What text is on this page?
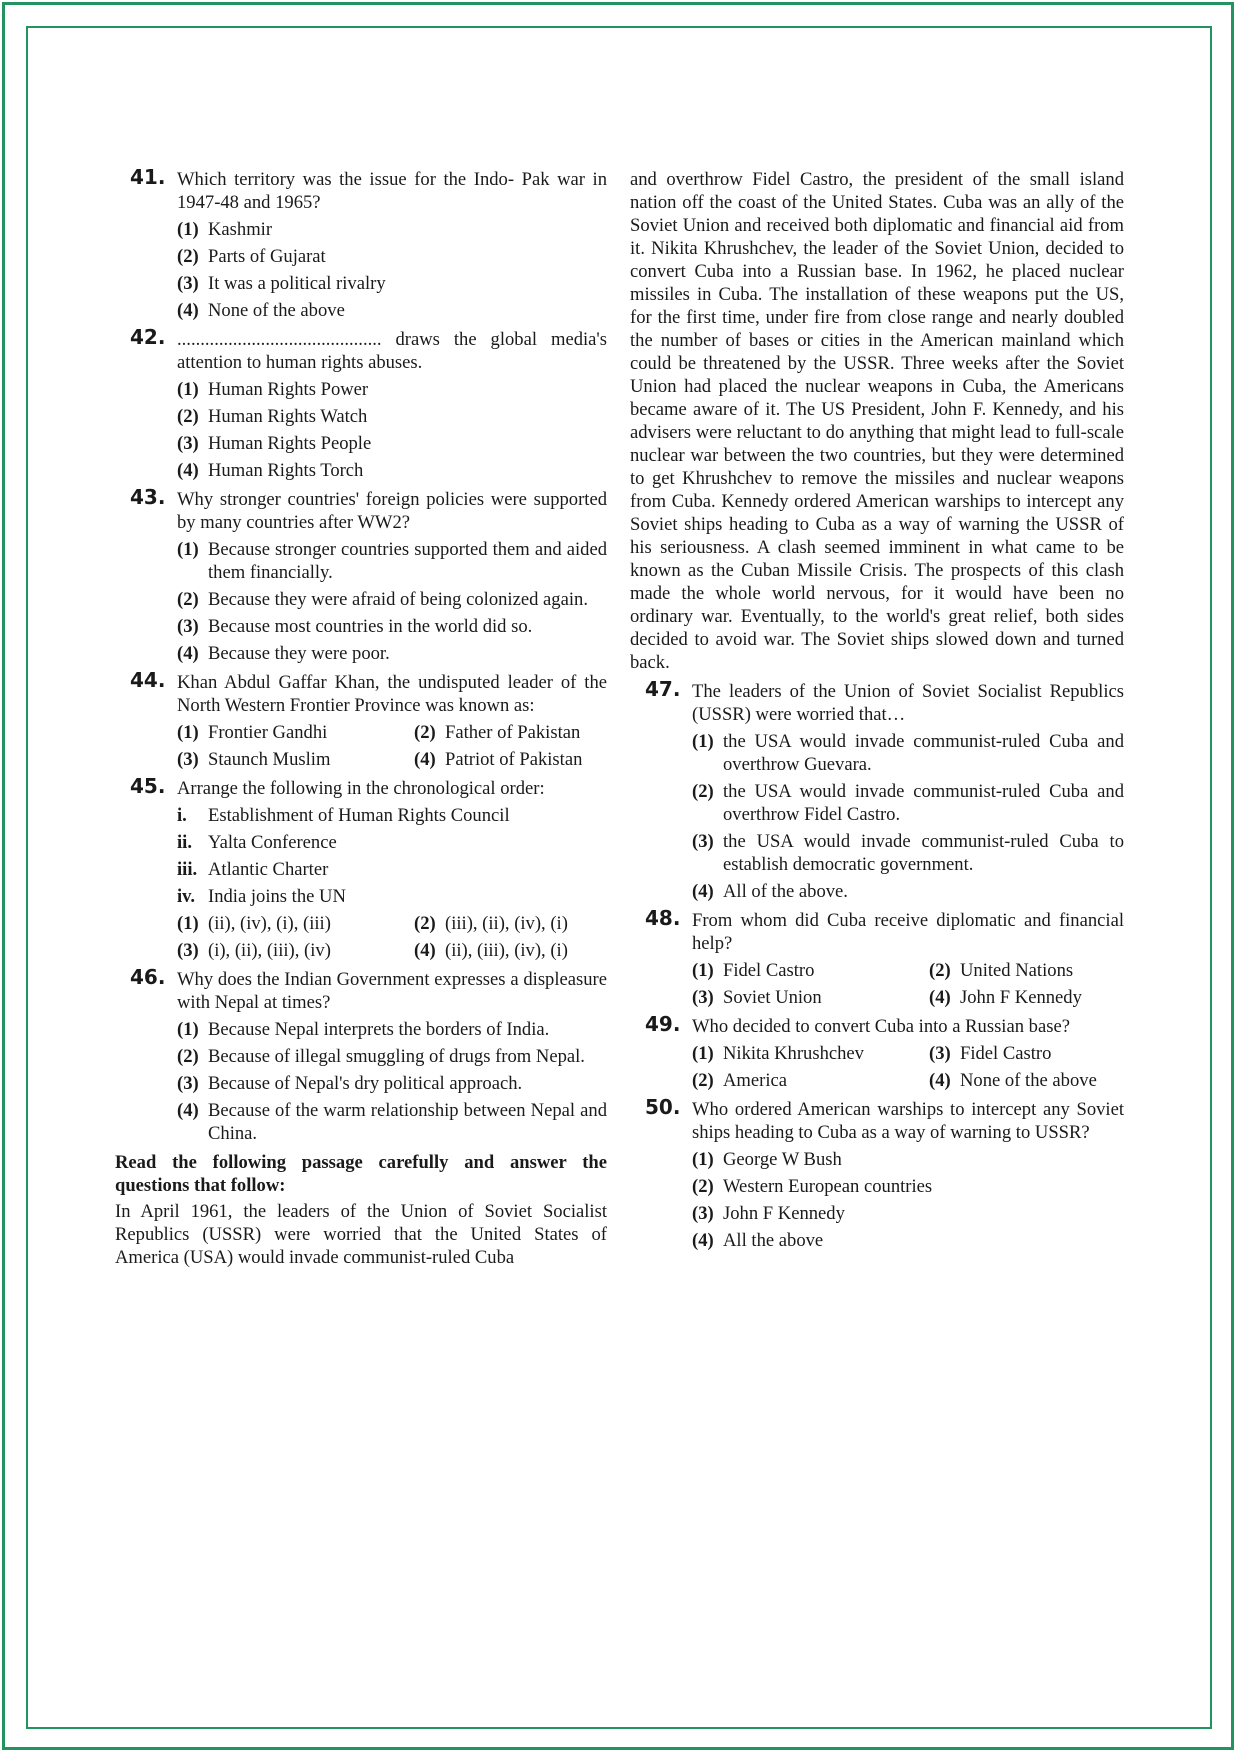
41. Which territory was the issue for the Indo- Pak war in 1947-48 and 1965?
(1) Kashmir
(2) Parts of Gujarat
(3) It was a political rivalry
(4) None of the above
42. ............................................ draws the global media's attention to human rights abuses.
(1) Human Rights Power
(2) Human Rights Watch
(3) Human Rights People
(4) Human Rights Torch
43. Why stronger countries' foreign policies were supported by many countries after WW2?
(1) Because stronger countries supported them and aided them financially.
(2) Because they were afraid of being colonized again.
(3) Because most countries in the world did so.
(4) Because they were poor.
44. Khan Abdul Gaffar Khan, the undisputed leader of the North Western Frontier Province was known as:
(1) Frontier Gandhi	(2) Father of Pakistan
(3) Staunch Muslim	(4) Patriot of Pakistan
45. Arrange the following in the chronological order:
i. Establishment of Human Rights Council
ii. Yalta Conference
iii. Atlantic Charter
iv. India joins the UN
(1) (ii), (iv), (i), (iii)	(2) (iii), (ii), (iv), (i)
(3) (i), (ii), (iii), (iv)	(4) (ii), (iii), (iv), (i)
46. Why does the Indian Government expresses a displeasure with Nepal at times?
(1) Because Nepal interprets the borders of India.
(2) Because of illegal smuggling of drugs from Nepal.
(3) Because of Nepal's dry political approach.
(4) Because of the warm relationship between Nepal and China.
Read the following passage carefully and answer the questions that follow:
In April 1961, the leaders of the Union of Soviet Socialist Republics (USSR) were worried that the United States of America (USA) would invade communist-ruled Cuba
and overthrow Fidel Castro, the president of the small island nation off the coast of the United States. Cuba was an ally of the Soviet Union and received both diplomatic and financial aid from it. Nikita Khrushchev, the leader of the Soviet Union, decided to convert Cuba into a Russian base. In 1962, he placed nuclear missiles in Cuba. The installation of these weapons put the US, for the first time, under fire from close range and nearly doubled the number of bases or cities in the American mainland which could be threatened by the USSR. Three weeks after the Soviet Union had placed the nuclear weapons in Cuba, the Americans became aware of it. The US President, John F. Kennedy, and his advisers were reluctant to do anything that might lead to full-scale nuclear war between the two countries, but they were determined to get Khrushchev to remove the missiles and nuclear weapons from Cuba. Kennedy ordered American warships to intercept any Soviet ships heading to Cuba as a way of warning the USSR of his seriousness. A clash seemed imminent in what came to be known as the Cuban Missile Crisis. The prospects of this clash made the whole world nervous, for it would have been no ordinary war. Eventually, to the world's great relief, both sides decided to avoid war. The Soviet ships slowed down and turned back.
47. The leaders of the Union of Soviet Socialist Republics (USSR) were worried that…
(1) the USA would invade communist-ruled Cuba and overthrow Guevara.
(2) the USA would invade communist-ruled Cuba and overthrow Fidel Castro.
(3) the USA would invade communist-ruled Cuba to establish democratic government.
(4) All of the above.
48. From whom did Cuba receive diplomatic and financial help?
(1) Fidel Castro	(2) United Nations
(3) Soviet Union	(4) John F Kennedy
49. Who decided to convert Cuba into a Russian base?
(1) Nikita Khrushchev	(3) Fidel Castro
(2) America	(4) None of the above
50. Who ordered American warships to intercept any Soviet ships heading to Cuba as a way of warning to USSR?
(1) George W Bush
(2) Western European countries
(3) John F Kennedy
(4) All the above
